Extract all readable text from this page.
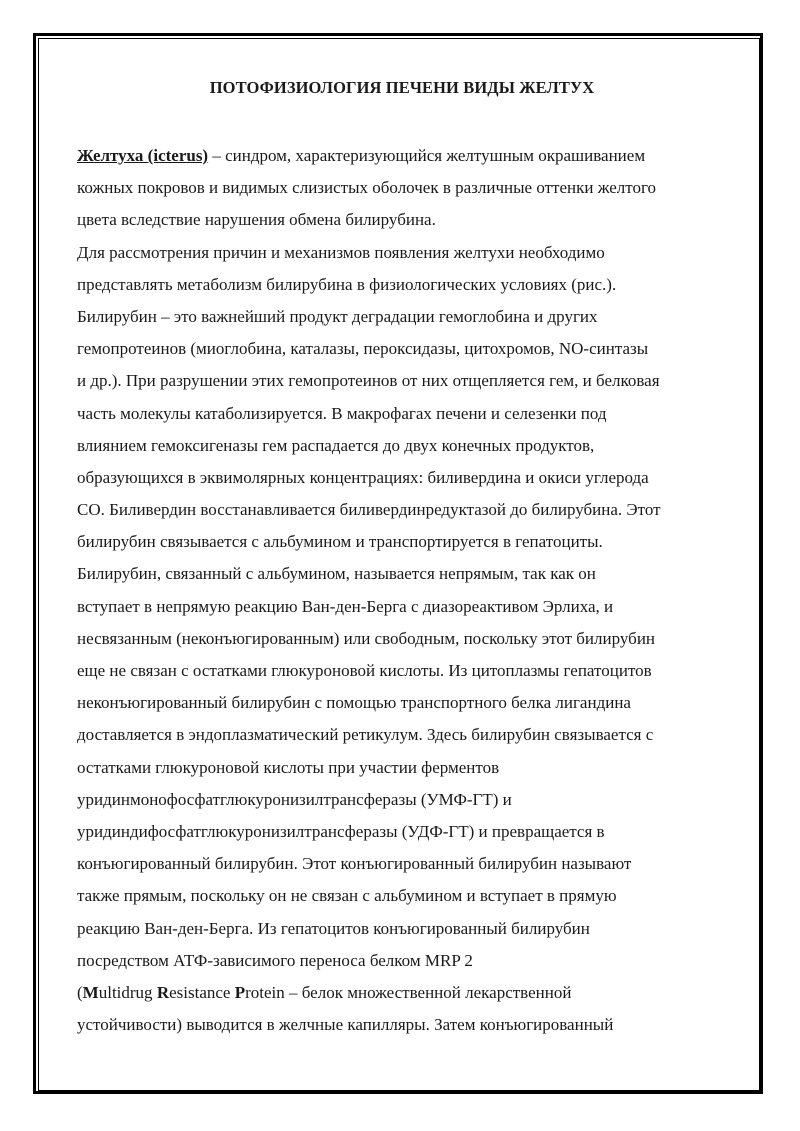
ПОТОФИЗИОЛОГИЯ ПЕЧЕНИ ВИДЫ ЖЕЛТУХ
Желтуха (icterus) – синдром, характеризующийся желтушным окрашиванием
кожных покровов и видимых слизистых оболочек в различные оттенки желтого
цвета вследствие нарушения обмена билирубина.
Для рассмотрения причин и механизмов появления желтухи необходимо
представлять метаболизм билирубина в физиологических условиях (рис.).
Билирубин – это важнейший продукт деградации гемоглобина и других
гемопротеинов (миоглобина, каталазы, пероксидазы, цитохромов, NO-синтазы
и др.). При разрушении этих гемопротеинов от них отщепляется гем, и белковая
часть молекулы катаболизируется. В макрофагах печени и селезенки под
влиянием гемоксигеназы гем распадается до двух конечных продуктов,
образующихся в эквимолярных концентрациях: биливердина и окиси углерода
СО. Биливердин восстанавливается биливердинредуктазой до билирубина. Этот
билирубин связывается с альбумином и транспортируется в гепатоциты.
Билирубин, связанный с альбумином, называется непрямым, так как он
вступает в непрямую реакцию Ван-ден-Берга с диазореактивом Эрлиха, и
несвязанным (неконъюгированным) или свободным, поскольку этот билирубин
еще не связан с остатками глюкуроновой кислоты. Из цитоплазмы гепатоцитов
неконъюгированный билирубин с помощью транспортного белка лигандина
доставляется в эндоплазматический ретикулум. Здесь билирубин связывается с
остатками глюкуроновой кислоты при участии ферментов
уридинмонофосфатглюкуронизилтрансферазы (УМФ-ГТ) и
уридиндифосфатглюкуронизилтрансферазы (УДФ-ГТ) и превращается в
конъюгированный билирубин. Этот конъюгированный билирубин называют
также прямым, поскольку он не связан с альбумином и вступает в прямую
реакцию Ван-ден-Берга. Из гепатоцитов конъюгированный билирубин
посредством АТФ-зависимого переноса белком MRP 2
(Multidrug Resistance Protein – белок множественной лекарственной
устойчивости) выводится в желчные капилляры. Затем конъюгированный
